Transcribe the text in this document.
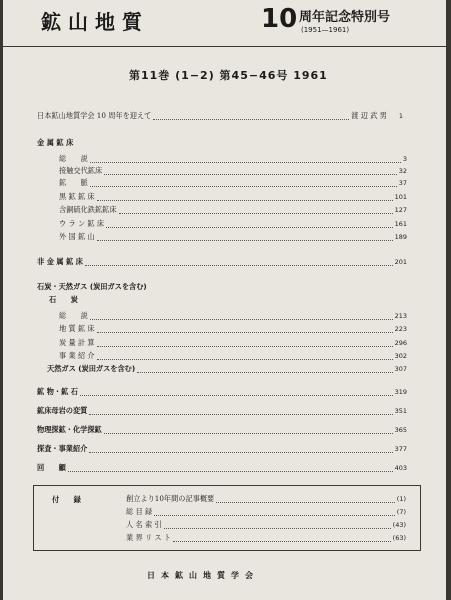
鉱山地質	10 周年記念特別号
(1951—1961)
第11巻 (1−2) 第45−46号 1961
日本鉱山地質学会 10 周年を迎えて	渡 辺 武 男 1
金 属 鉱 床
総　　説	3
接触交代鉱床	32
鉱　　脈	37
黒 鉱 鉱 床	101
含銅硫化鉄鉱鉱床	127
ウ ラ ン 鉱 床	161
外 国 鉱 山	189
非 金 属 鉱 床	201
石炭・天然ガス (炭田ガスを含む)
石　　炭
総　　説	213
地 質 鉱 床	223
炭 量 計 算	296
事 業 紹 介	302
天然ガス (炭田ガスを含む)	307
鉱 物・鉱 石	319
鉱床母岩の変質	351
物理探鉱・化学探鉱	365
探査・事業紹介	377
回　　顧	403
付　　録	創立より10年間の記事概要	(1)
総 目 録	(7)
人 名 索 引	(43)
業 界 リ ス ト	(63)
日本鉱山地質学会
